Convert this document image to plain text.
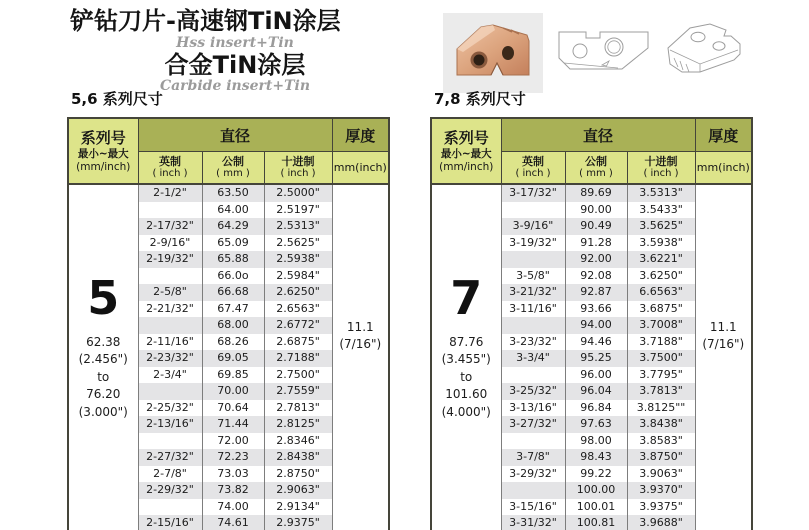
铲钻刀片-高速钢TiN涂层
Hss insert+Tin
合金TiN涂层
Carbide insert+Tin
5,6 系列尺寸
系列号
最小~最大
(mm/inch)	直径			厚度

英制
( inch )

公制
( mm )

十进制
( inch )	mm(inch)

5
62.38
(2.456")
to
76.20
(3.000")
	2-1/2"	63.50	2.5000"	
11.1
(7/16")

		64.00	2.5197"	
	2-17/32"	64.29	2.5313"	
	2-9/16"	65.09	2.5625"	
	2-19/32"	65.88	2.5938"	
		66.0o	2.5984"	
	2-5/8"	66.68	2.6250"	
	2-21/32"	67.47	2.6563"	
		68.00	2.6772"	
	2-11/16"	68.26	2.6875"	
	2-23/32"	69.05	2.7188"	
	2-3/4"	69.85	2.7500"	
		70.00	2.7559"	
	2-25/32"	70.64	2.7813"	
	2-13/16"	71.44	2.8125"	
		72.00	2.8346"	
	2-27/32"	72.23	2.8438"	
	2-7/8"	73.03	2.8750"	
	2-29/32"	73.82	2.9063"	
		74.00	2.9134"	
	2-15/16"	74.61	2.9375"	
7,8 系列尺寸
系列号
最小~最大
(mm/inch)	直径			厚度

英制
( inch )

公制
( mm )

十进制
( inch )	mm(inch)

7
87.76
(3.455")
to
101.60
(4.000")
	3-17/32"	89.69	3.5313"	
11.1
(7/16")

		90.00	3.5433"	
	3-9/16"	90.49	3.5625"	
	3-19/32"	91.28	3.5938"	
		92.00	3.6221"	
	3-5/8"	92.08	3.6250"	
	3-21/32"	92.87	6.6563"	
	3-11/16"	93.66	3.6875"	
		94.00	3.7008"	
	3-23/32"	94.46	3.7188"	
	3-3/4"	95.25	3.7500"	
		96.00	3.7795"	
	3-25/32"	96.04	3.7813"	
	3-13/16"	96.84	3.8125""	
	3-27/32"	97.63	3.8438"	
		98.00	3.8583"	
	3-7/8"	98.43	3.8750"	
	3-29/32"	99.22	3.9063"	
		100.00	3.9370"	
	3-15/16"	100.01	3.9375"	
	3-31/32"	100.81	3.9688"	
